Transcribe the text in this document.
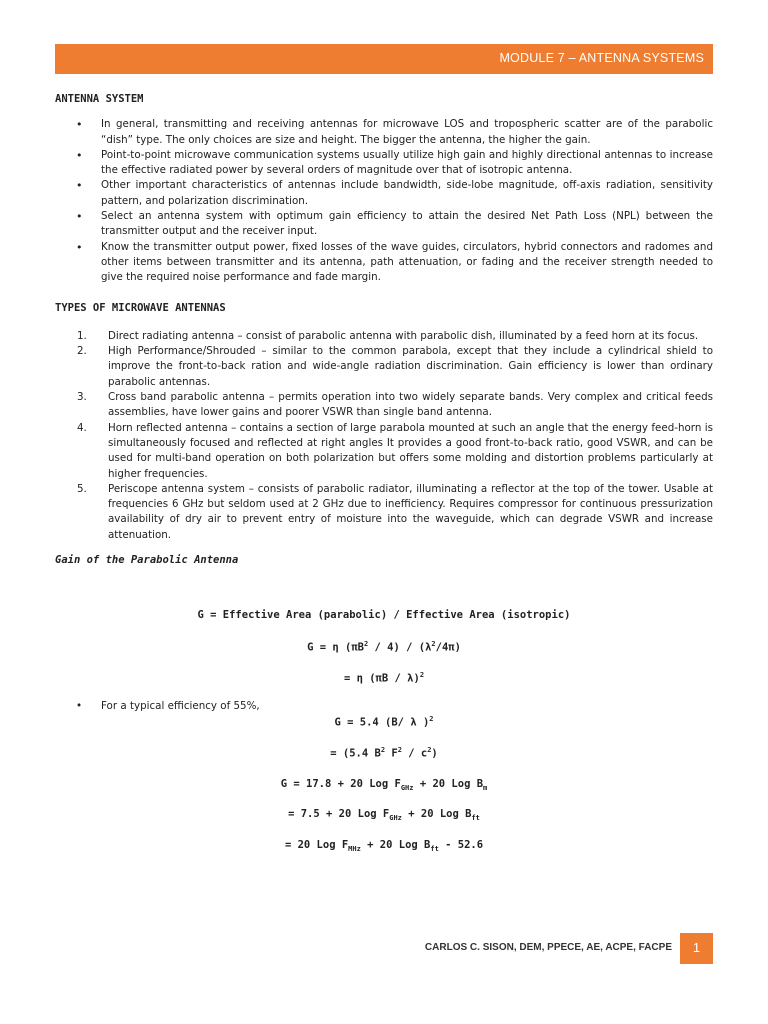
MODULE 7 – ANTENNA SYSTEMS

ANTENNA SYSTEM

• In general, transmitting and receiving antennas for microwave LOS and tropospheric scatter are of the parabolic “dish” type. The only choices are size and height. The bigger the antenna, the higher the gain.
• Point-to-point microwave communication systems usually utilize high gain and highly directional antennas to increase the effective radiated power by several orders of magnitude over that of isotropic antenna.
• Other important characteristics of antennas include bandwidth, side-lobe magnitude, off-axis radiation, sensitivity pattern, and polarization discrimination.
• Select an antenna system with optimum gain efficiency to attain the desired Net Path Loss (NPL) between the transmitter output and the receiver input.
• Know the transmitter output power, fixed losses of the wave guides, circulators, hybrid connectors and radomes and other items between transmitter and its antenna, path attenuation, or fading and the receiver strength needed to give the required noise performance and fade margin.

TYPES OF MICROWAVE ANTENNAS

1. Direct radiating antenna – consist of parabolic antenna with parabolic dish, illuminated by a feed horn at its focus.
2. High Performance/Shrouded – similar to the common parabola, except that they include a cylindrical shield to improve the front-to-back ration and wide-angle radiation discrimination. Gain efficiency is lower than ordinary parabolic antennas.
3. Cross band parabolic antenna – permits operation into two widely separate bands. Very complex and critical feeds assemblies, have lower gains and poorer VSWR than single band antenna.
4. Horn reflected antenna – contains a section of large parabola mounted at such an angle that the energy feed-horn is simultaneously focused and reflected at right angles It provides a good front-to-back ratio, good VSWR, and can be used for multi-band operation on both polarization but offers some molding and distortion problems particularly at higher frequencies.
5. Periscope antenna system – consists of parabolic radiator, illuminating a reflector at the top of the tower. Usable at frequencies 6 GHz but seldom used at 2 GHz due to inefficiency. Requires compressor for continuous pressurization availability of dry air to prevent entry of moisture into the waveguide, which can degrade VSWR and increase attenuation.

Gain of the Parabolic Antenna

G = Effective Area (parabolic) / Effective Area (isotropic)
G = η $(\pi B^2 / 4) / (\lambda^2/4\pi)$
= η (πB / λ)$^2$
• For a typical efficiency of 55%,
G = 5.4 (B/ λ )$^2$
= (5.4 $B^2$ $F^2 / c^2$)
G = 17.8 + 20 Log $F_{GHz} + 20$ Log $B_m$
= 7.5 + 20 Log $F_{GHz} + 20$ Log $B_{ft}$
= 20 Log $F_{MHz} + 20$ Log $B_{ft} - 52.6$
CARLOS C. SISON, DEM, PPECE, AE, ACPE, FACPE	1
